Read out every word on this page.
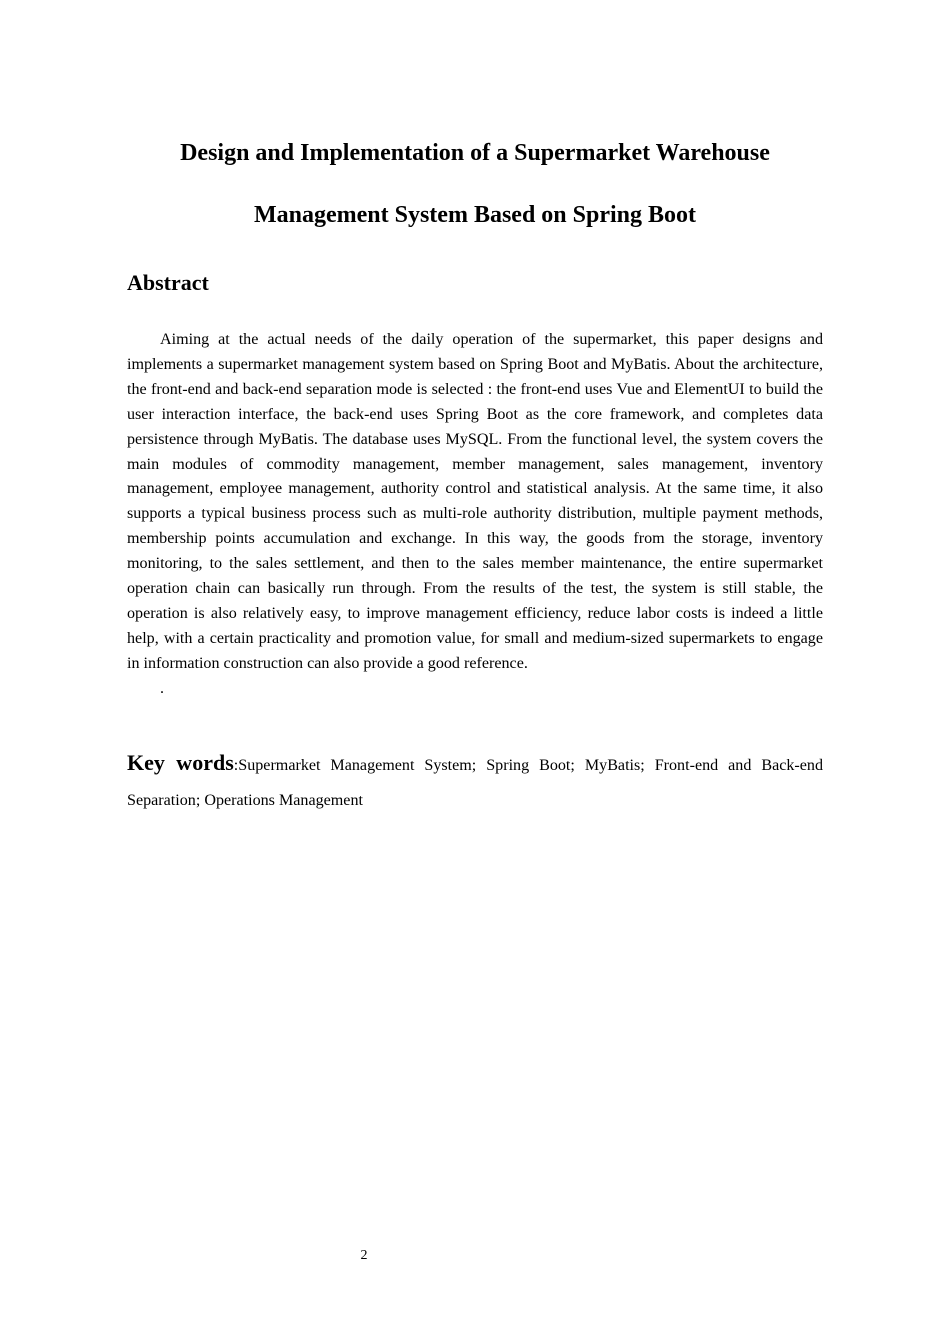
Design and Implementation of a Supermarket Warehouse
Management System Based on Spring Boot
Abstract

Aiming at the actual needs of the daily operation of the supermarket, this paper designs and implements a supermarket management system based on Spring Boot and MyBatis. About the architecture, the front-end and back-end separation mode is selected : the front-end uses Vue and ElementUI to build the user interaction interface, the back-end uses Spring Boot as the core framework, and completes data persistence through MyBatis. The database uses MySQL. From the functional level, the system covers the main modules of commodity management, member management, sales management, inventory management, employee management, authority control and statistical analysis. At the same time, it also supports a typical business process such as multi-role authority distribution, multiple payment methods, membership points accumulation and exchange. In this way, the goods from the storage, inventory monitoring, to the sales settlement, and then to the sales member maintenance, the entire supermarket operation chain can basically run through. From the results of the test, the system is still stable, the operation is also relatively easy, to improve management efficiency, reduce labor costs is indeed a little help, with a certain practicality and promotion value, for small and medium-sized supermarkets to engage in information construction can also provide a good reference.

.

Key words:Supermarket Management System; Spring Boot; MyBatis; Front-end and Back-end Separation; Operations Management

2
